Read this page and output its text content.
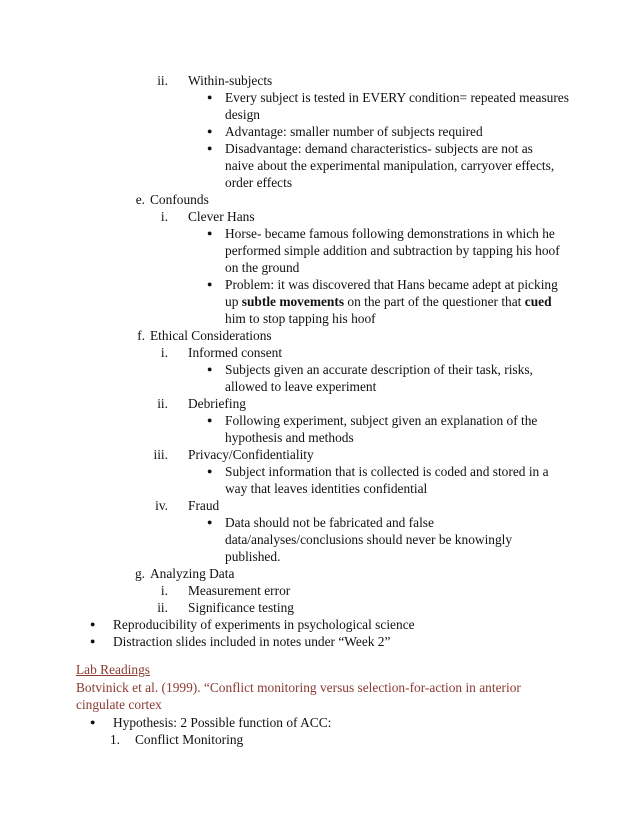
ii. Within-subjects
● Every subject is tested in EVERY condition= repeated measures
design
● Advantage: smaller number of subjects required
● Disadvantage: demand characteristics- subjects are not as
naive about the experimental manipulation, carryover effects,
order effects
e. Confounds
i. Clever Hans
● Horse- became famous following demonstrations in which he
performed simple addition and subtraction by tapping his hoof
on the ground
● Problem: it was discovered that Hans became adept at picking
up subtle movements on the part of the questioner that cued
him to stop tapping his hoof
f. Ethical Considerations
i. Informed consent
● Subjects given an accurate description of their task, risks,
allowed to leave experiment
ii. Debriefing
● Following experiment, subject given an explanation of the
hypothesis and methods
iii. Privacy/Confidentiality
● Subject information that is collected is coded and stored in a
way that leaves identities confidential
iv. Fraud
● Data should not be fabricated and false
data/analyses/conclusions should never be knowingly
published.
g. Analyzing Data
i. Measurement error
ii. Significance testing
● Reproducibility of experiments in psychological science
● Distraction slides included in notes under “Week 2”
Lab Readings
Botvinick et al. (1999). “Conflict monitoring versus selection-for-action in anterior
cingulate cortex
● Hypothesis: 2 Possible function of ACC:
1. Conflict Monitoring
